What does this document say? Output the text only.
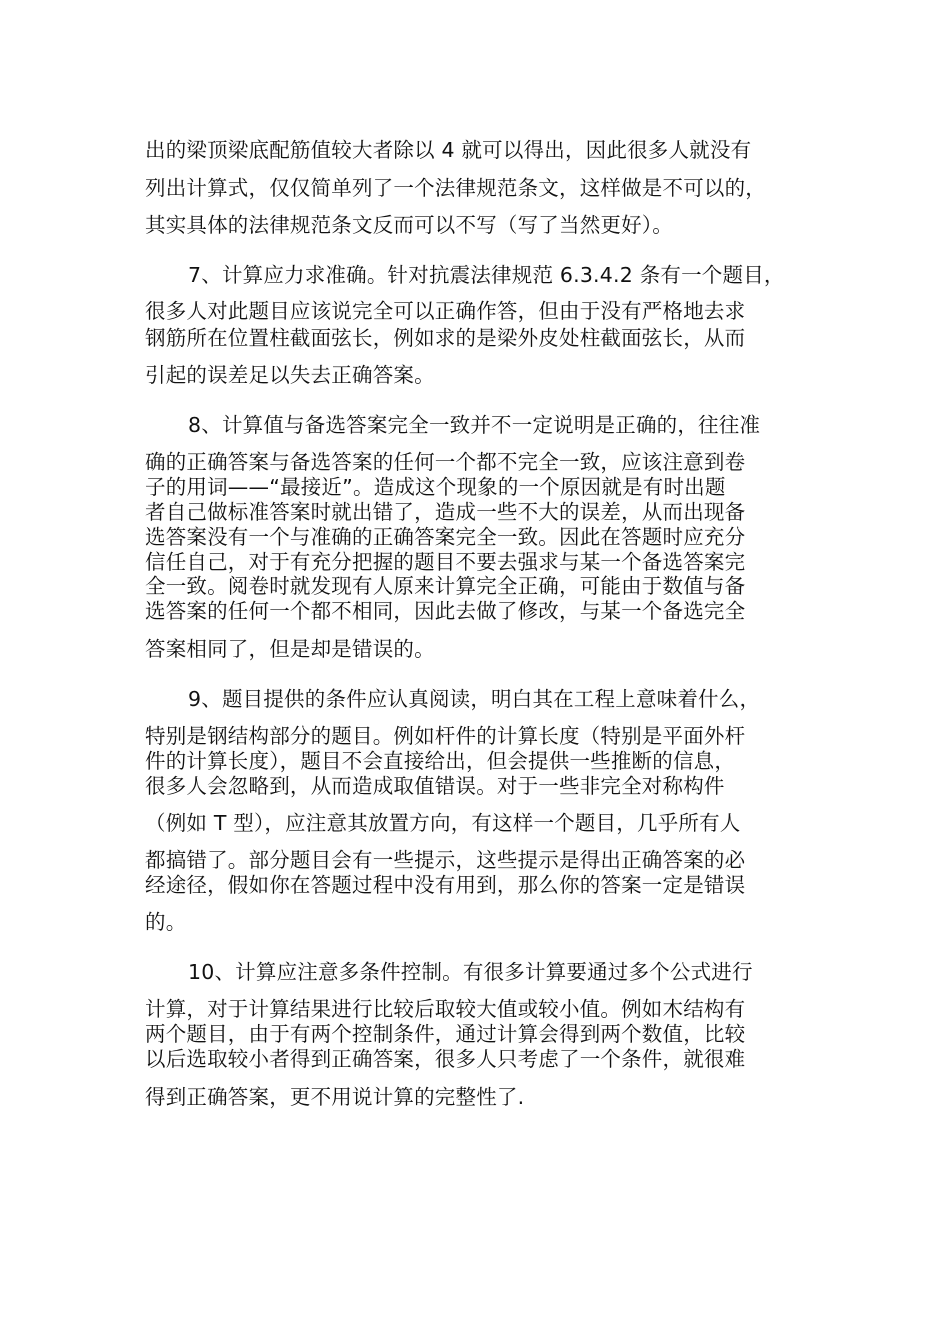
出的梁顶梁底配筋值较大者除以 4 就可以得出，因此很多人就没有
列出计算式，仅仅简单列了一个法律规范条文，这样做是不可以的，
其实具体的法律规范条文反而可以不写（写了当然更好）。
7、计算应力求准确。针对抗震法律规范 6.3.4.2 条有一个题目，
很多人对此题目应该说完全可以正确作答，但由于没有严格地去求
钢筋所在位置柱截面弦长，例如求的是梁外皮处柱截面弦长，从而
引起的误差足以失去正确答案。
8、计算值与备选答案完全一致并不一定说明是正确的，往往准
确的正确答案与备选答案的任何一个都不完全一致，应该注意到卷
子的用词——“最接近”。造成这个现象的一个原因就是有时出题
者自己做标准答案时就出错了，造成一些不大的误差，从而出现备
选答案没有一个与准确的正确答案完全一致。因此在答题时应充分
信任自己，对于有充分把握的题目不要去强求与某一个备选答案完
全一致。阅卷时就发现有人原来计算完全正确，可能由于数值与备
选答案的任何一个都不相同，因此去做了修改，与某一个备选完全
答案相同了，但是却是错误的。
9、题目提供的条件应认真阅读，明白其在工程上意味着什么，
特别是钢结构部分的题目。例如杆件的计算长度（特别是平面外杆
件的计算长度），题目不会直接给出，但会提供一些推断的信息，
很多人会忽略到，从而造成取值错误。对于一些非完全对称构件
（例如 T 型），应注意其放置方向，有这样一个题目，几乎所有人
都搞错了。部分题目会有一些提示，这些提示是得出正确答案的必
经途径，假如你在答题过程中没有用到，那么你的答案一定是错误
的。
10、计算应注意多条件控制。有很多计算要通过多个公式进行
计算，对于计算结果进行比较后取较大值或较小值。例如木结构有
两个题目，由于有两个控制条件，通过计算会得到两个数值，比较
以后选取较小者得到正确答案，很多人只考虑了一个条件，就很难
得到正确答案，更不用说计算的完整性了.
